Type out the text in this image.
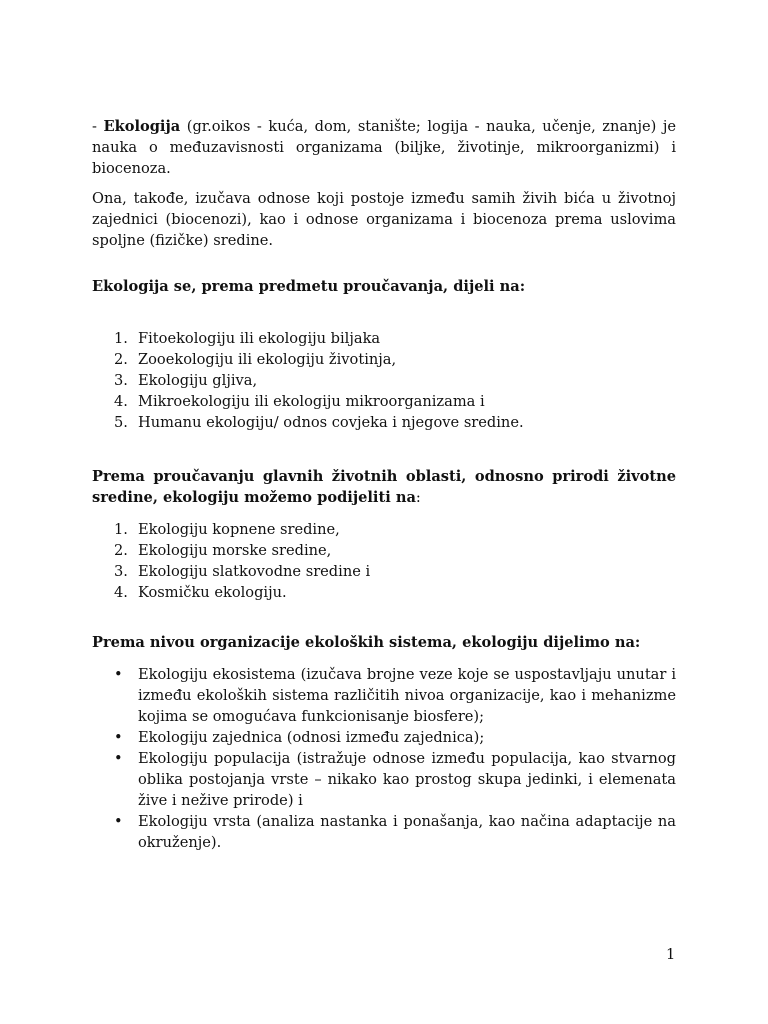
- Ekologija (gr.oikos - kuća, dom, stanište; logija - nauka, učenje, znanje) je nauka o međuzavisnosti organizama (biljke, životinje, mikroorganizmi) i biocenoza.

Ona, takođe, izučava odnose koji postoje između samih živih bića u životnoj zajednici (biocenozi), kao i odnose organizama i biocenoza prema uslovima spoljne (fizičke) sredine.

Ekologija se, prema predmetu proučavanja, dijeli na:

1. Fitoekologiju ili ekologiju biljaka
2. Zooekologiju ili ekologiju životinja,
3. Ekologiju gljiva,
4. Mikroekologiju ili ekologiju mikroorganizama i
5. Humanu ekologiju/ odnos covjeka i njegove sredine.

Prema proučavanju glavnih životnih oblasti, odnosno prirodi životne sredine, ekologiju možemo podijeliti na:

1. Ekologiju kopnene sredine,
2. Ekologiju morske sredine,
3. Ekologiju slatkovodne sredine i
4. Kosmičku ekologiju.

Prema nivou organizacije ekoloških sistema, ekologiju dijelimo na:

• Ekologiju ekosistema (izučava brojne veze koje se uspostavljaju unutar i između ekoloških sistema različitih nivoa organizacije, kao i mehanizme kojima se omogućava funkcionisanje biosfere);

• Ekologiju zajednica (odnosi između zajednica);

• Ekologiju populacija (istražuje odnose između populacija, kao stvarnog oblika postojanja vrste – nikako kao prostog skupa jedinki, i elemenata žive i nežive prirode) i

• Ekologiju vrsta (analiza nastanka i ponašanja, kao načina adaptacije na okruženje).

1
